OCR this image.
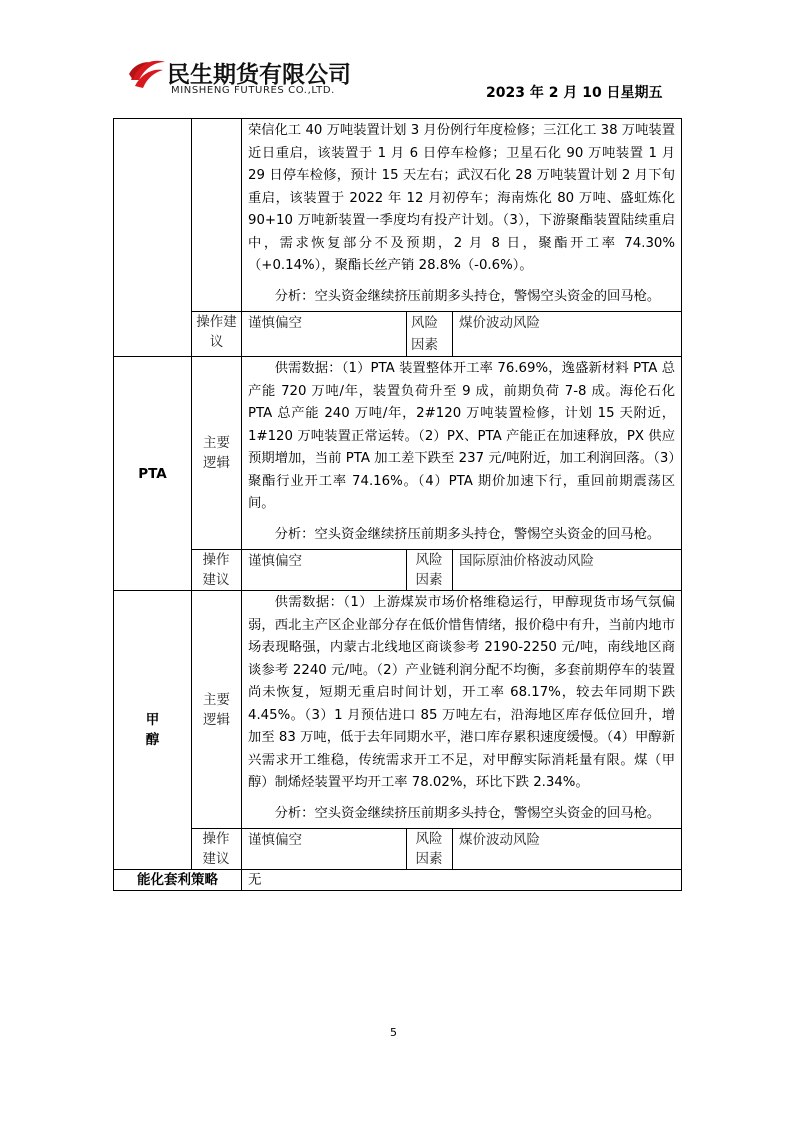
民生期货有限公司
MINSHENG FUTURES CO.,LTD.	2023 年 2 月 10 日星期五

		荣信化工 40 万吨装置计划 3 月份例行年度检修；三江化工 38 万吨装置近日重启，该装置于 1 月 6 日停车检修；卫星石化 90 万吨装置 1 月 29 日停车检修，预计 15 天左右；武汉石化 28 万吨装置计划 2 月下旬重启，该装置于 2022 年 12 月初停车；海南炼化 80 万吨、盛虹炼化 90+10 万吨新装置一季度均有投产计划。（3），下游聚酯装置陆续重启中，需求恢复部分不及预期，2 月 8 日，聚酯开工率 74.30%（+0.14%），聚酯长丝产销 28.8%（-0.6%）。

分析：空头资金继续挤压前期多头持仓，警惕空头资金的回马枪。		

	操作建议	谨慎偏空	风险因素	煤价波动风险
PTA	主要逻辑	供需数据：（1）PTA 装置整体开工率 76.69%，逸盛新材料 PTA 总产能 720 万吨/年，装置负荷升至 9 成，前期负荷 7-8 成。海伦石化 PTA 总产能 240 万吨/年，2#120 万吨装置检修，计划 15 天附近，1#120 万吨装置正常运转。（2）PX、PTA 产能正在加速释放，PX 供应预期增加，当前 PTA 加工差下跌至 237 元/吨附近，加工利润回落。（3）聚酯行业开工率 74.16%。（4）PTA 期价加速下行，重回前期震荡区间。

分析：空头资金继续挤压前期多头持仓，警惕空头资金的回马枪。		

	操作建议	谨慎偏空	风险因素	国际原油价格波动风险

甲醇	主要逻辑	供需数据：（1）上游煤炭市场价格维稳运行，甲醇现货市场气氛偏弱，西北主产区企业部分存在低价惜售情绪，报价稳中有升，当前内地市场表现略强，内蒙古北线地区商谈参考 2190-2250 元/吨，南线地区商谈参考 2240 元/吨。（2）产业链利润分配不均衡，多套前期停车的装置尚未恢复，短期无重启时间计划，开工率 68.17%，较去年同期下跌 4.45%。（3）1 月预估进口 85 万吨左右，沿海地区库存低位回升，增加至 83 万吨，低于去年同期水平，港口库存累积速度缓慢。（4）甲醇新兴需求开工维稳，传统需求开工不足，对甲醇实际消耗量有限。煤（甲醇）制烯烃装置平均开工率 78.02%，环比下跌 2.34%。

分析：空头资金继续挤压前期多头持仓，警惕空头资金的回马枪。		

	操作建议	谨慎偏空	风险因素	煤价波动风险
能化套利策略		无		
5
